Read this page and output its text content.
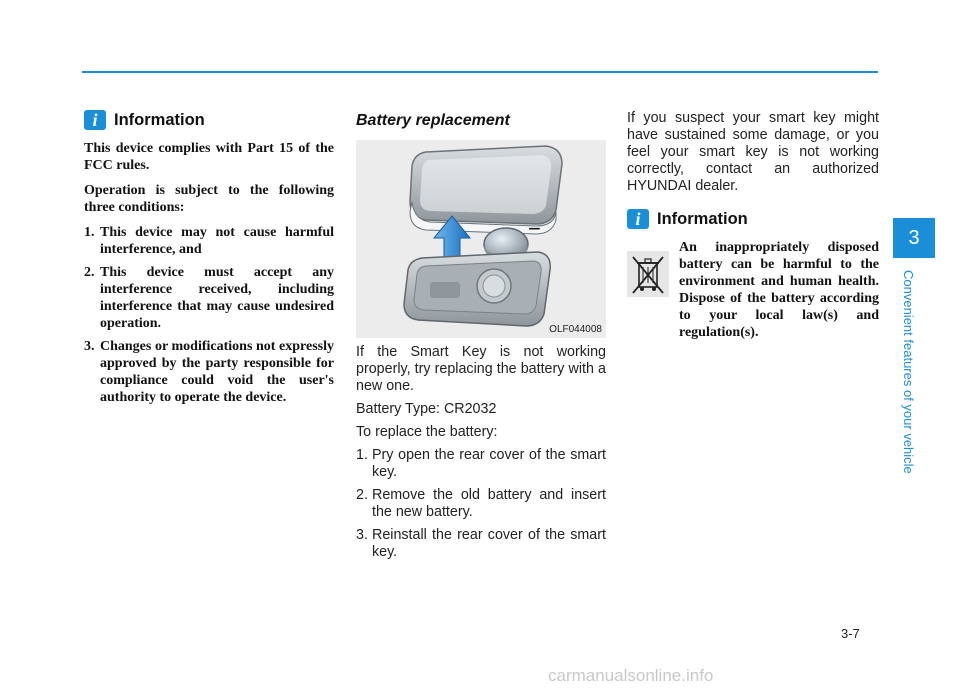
i	Information

This device complies with Part 15 of the FCC rules.

Operation is subject to the following three conditions:

1. This device may not cause harmful interference, and
2. This device must accept any interference received, including interference that may cause undesired operation.
3. Changes or modifications not expressly approved by the party responsible for compliance could void the user's authority to operate the device.
Battery replacement
−
OLF044008

If the Smart Key is not working properly, try replacing the battery with a new one.

Battery Type: CR2032

To replace the battery:

1. Pry open the rear cover of the smart key.
2. Remove the old battery and insert the new battery.
3. Reinstall the rear cover of the smart key.

If you suspect your smart key might have sustained some damage, or you feel your smart key is not working correctly, contact an authorized HYUNDAI dealer.

i	Information

An inappropriately disposed battery can be harmful to the environment and human health. Dispose of the battery according to your local law(s) and regulation(s).

3
Convenient features of your vehicle
3-7
carmanualsonline.info
